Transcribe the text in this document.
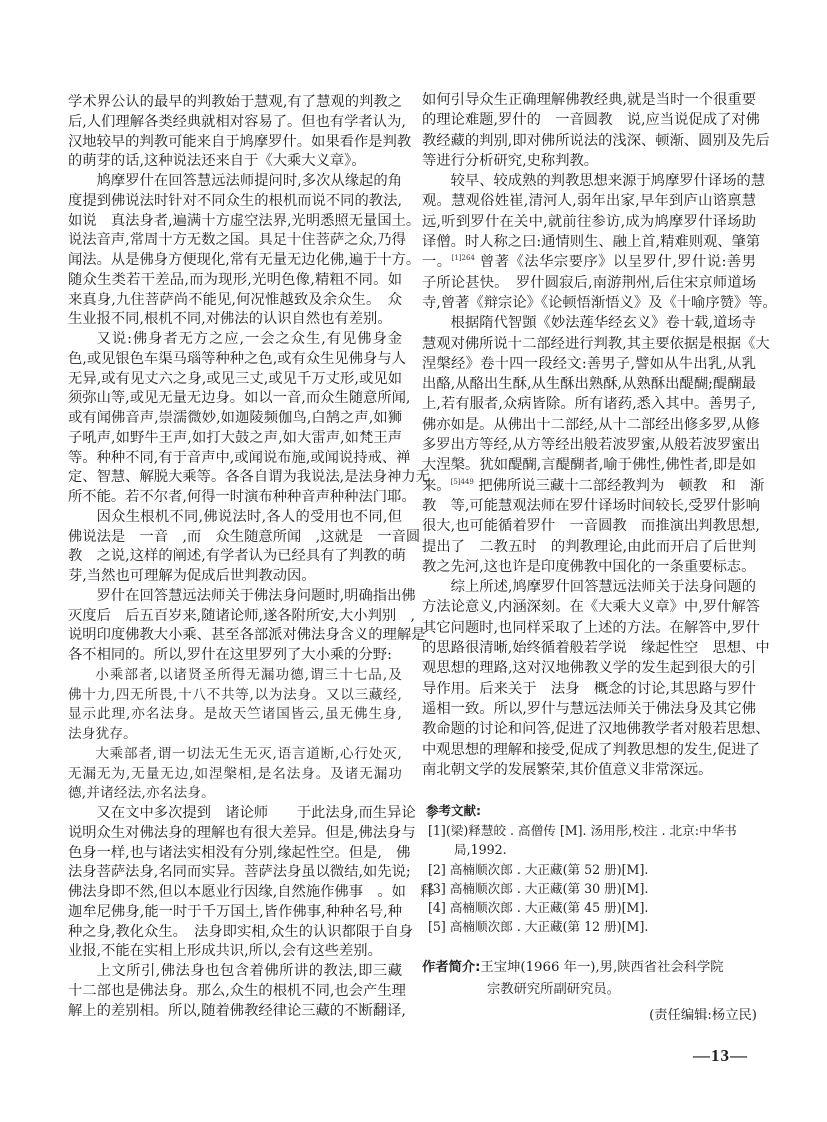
学术界公认的最早的判教始于慧观,有了慧观的判教之
后,人们理解各类经典就相对容易了。但也有学者认为,
汉地较早的判教可能来自于鸠摩罗什。如果看作是判教
的萌芽的话,这种说法还来自于《大乘大义章》。
鸠摩罗什在回答慧远法师提问时,多次从缘起的角
度提到佛说法时针对不同众生的根机而说不同的教法,
如说　真法身者,遍满十方虚空法界,光明悉照无量国土。
说法音声,常周十方无数之国。具足十住菩萨之众,乃得
闻法。从是佛身方便现化,常有无量无边化佛,遍于十方。
随众生类若干差品,而为现形,光明色像,精粗不同。如
来真身,九住菩萨尚不能见,何况惟越致及余众生。　众
生业报不同,根机不同,对佛法的认识自然也有差别。
又说:佛身者无方之应,一会之众生,有见佛身金
色,或见银色车渠马瑙等种种之色,或有众生见佛身与人
无异,或有见丈六之身,或见三丈,或见千万丈形,或见如
须弥山等,或见无量无边身。如以一音,而众生随意所闻,
或有闻佛音声,崇濡微妙,如迦陵频伽鸟,白鹄之声,如狮
子吼声,如野牛王声,如打大鼓之声,如大雷声,如梵王声
等。种种不同,有于音声中,或闻说布施,或闻说持戒、禅
定、智慧、解脱大乘等。各各自谓为我说法,是法身神力无
所不能。若不尔者,何得一时演布种种音声种种法门耶。
因众生根机不同,佛说法时,各人的受用也不同,但
佛说法是　一音　,而　众生随意所闻　,这就是　一音圆
教　之说,这样的阐述,有学者认为已经具有了判教的萌
芽,当然也可理解为促成后世判教动因。
罗什在回答慧远法师关于佛法身问题时,明确指出佛
灭度后　后五百岁来,随诸论师,遂各附所安,大小判别　,
说明印度佛教大小乘、甚至各部派对佛法身含义的理解是
各不相同的。所以,罗什在这里罗列了大小乘的分野:
小乘部者,以诸贤圣所得无漏功德,谓三十七品,及
佛十力,四无所畏,十八不共等,以为法身。又以三藏经,
显示此理,亦名法身。是故天竺诸国皆云,虽无佛生身,
法身犹存。
大乘部者,谓一切法无生无灭,语言道断,心行处灭,
无漏无为,无量无边,如涅槃相,是名法身。及诸无漏功
德,并诸经法,亦名法身。
又在文中多次提到　诸论师　　于此法身,而生异论　,
说明众生对佛法身的理解也有很大差异。但是,佛法身与
色身一样,也与诸法实相没有分别,缘起性空。但是,　佛
法身菩萨法身,名同而实异。菩萨法身虽以微结,如先说;
佛法身即不然,但以本愿业行因缘,自然施作佛事　。如　释
迦牟尼佛身,能一时于千万国土,皆作佛事,种种名号,种
种之身,教化众生。　法身即实相,众生的认识都限于自身
业报,不能在实相上形成共识,所以,会有这些差别。
上文所引,佛法身也包含着佛所讲的教法,即三藏
十二部也是佛法身。那么,众生的根机不同,也会产生理
解上的差别相。所以,随着佛教经律论三藏的不断翻译,
如何引导众生正确理解佛教经典,就是当时一个很重要
的理论难题,罗什的　一音圆教　说,应当说促成了对佛
教经藏的判别,即对佛所说法的浅深、顿渐、圆别及先后
等进行分析研究,史称判教。
较早、较成熟的判教思想来源于鸠摩罗什译场的慧
观。慧观俗姓崔,清河人,弱年出家,早年到庐山谘禀慧
远,听到罗什在关中,就前往参访,成为鸠摩罗什译场助
译僧。时人称之曰:通情则生、融上首,精难则观、肇第
一。$^{[1]264}$ 曾著《法华宗要序》以呈罗什,罗什说:善男
子所论甚快。　罗什圆寂后,南游荆州,后住宋京师道场
寺,曾著《辩宗论》《论顿悟渐悟义》及《十喻序赞》等。
根据隋代智顗《妙法莲华经玄义》卷十载,道场寺
慧观对佛所说十二部经进行判教,其主要依据是根据《大
涅槃经》卷十四一段经文:善男子,譬如从牛出乳,从乳
出酪,从酪出生酥,从生酥出熟酥,从熟酥出醍醐;醍醐最
上,若有服者,众病皆除。所有诸药,悉入其中。善男子,
佛亦如是。从佛出十二部经,从十二部经出修多罗,从修
多罗出方等经,从方等经出般若波罗蜜,从般若波罗蜜出
大涅槃。犹如醍醐,言醍醐者,喻于佛性,佛性者,即是如
来。$^{[5]449}$ 把佛所说三藏十二部经教判为　顿教　和　渐
教　等,可能慧观法师在罗什译场时间较长,受罗什影响
很大,也可能循着罗什　一音圆教　而推演出判教思想,
提出了　二教五时　的判教理论,由此而开启了后世判
教之先河,这也许是印度佛教中国化的一条重要标志。
综上所述,鸠摩罗什回答慧远法师关于法身问题的
方法论意义,内涵深刻。在《大乘大义章》中,罗什解答
其它问题时,也同样采取了上述的方法。在解答中,罗什
的思路很清晰,始终循着般若学说　缘起性空　思想、中
观思想的理路,这对汉地佛教义学的发生起到很大的引
导作用。后来关于　法身　概念的讨论,其思路与罗什
遥相一致。所以,罗什与慧远法师关于佛法身及其它佛
教命题的讨论和问答,促进了汉地佛教学者对般若思想、
中观思想的理解和接受,促成了判教思想的发生,促进了
南北朝文学的发展繁荣,其价值意义非常深远。
参考文献:
[1](梁)释慧皎 . 高僧传 [M]. 汤用彤,校注 . 北京:中华书
局,1992.
[2] 高楠顺次郎 . 大正藏(第 52 册)[M].
[3] 高楠顺次郎 . 大正藏(第 30 册)[M].
[4] 高楠顺次郎 . 大正藏(第 45 册)[M].
[5] 高楠顺次郎 . 大正藏(第 12 册)[M].
作者简介:王宝坤(1966 年一),男,陕西省社会科学院
宗教研究所副研究员。
(责任编辑:杨立民)
—13—
